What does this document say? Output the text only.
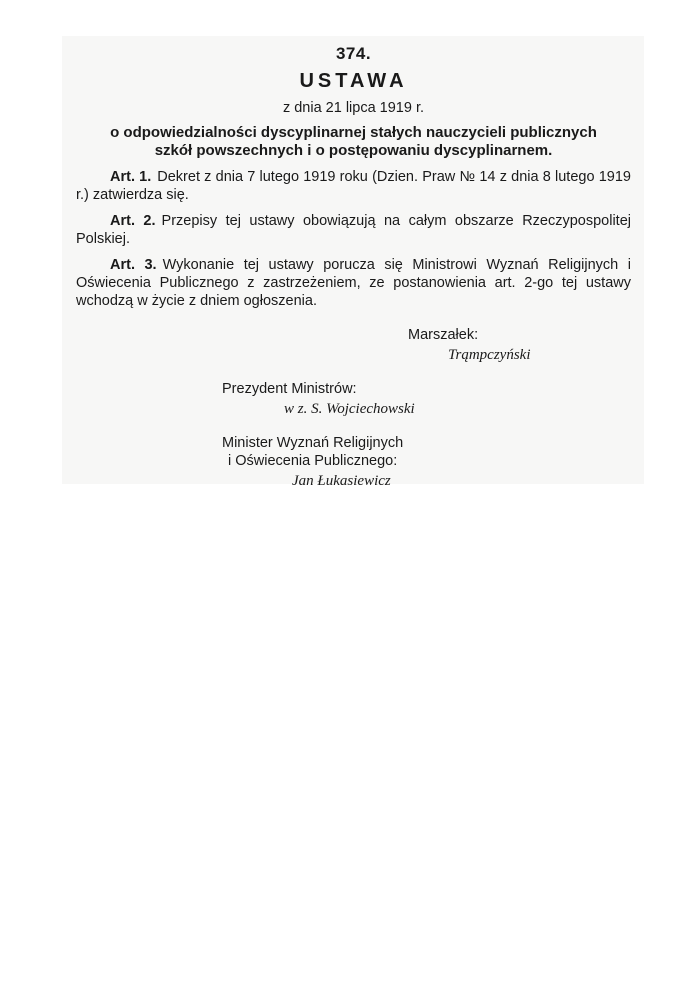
374.
USTAWA
z dnia 21 lipca 1919 r.
o odpowiedzialności dyscyplinarnej stałych nauczycieli publicznych
szkół powszechnych i o postępowaniu dyscyplinarnem.
Art. 1. Dekret z dnia 7 lutego 1919 roku (Dzien. Praw № 14 z dnia 8 lutego 1919 r.) zatwierdza się.
Art. 2. Przepisy tej ustawy obowiązują na całym obszarze Rzeczypospolitej Polskiej.
Art. 3. Wykonanie tej ustawy porucza się Ministrowi Wyznań Religijnych i Oświecenia Publicznego z zastrzeżeniem, ze postanowienia art. 2-go tej ustawy wchodzą w życie z dniem ogłoszenia.
Marszałek:
Trąmpczyński
Prezydent Ministrów:
w z. S. Wojciechowski
Minister Wyznań Religijnych
i Oświecenia Publicznego:
Jan Łukasiewicz
